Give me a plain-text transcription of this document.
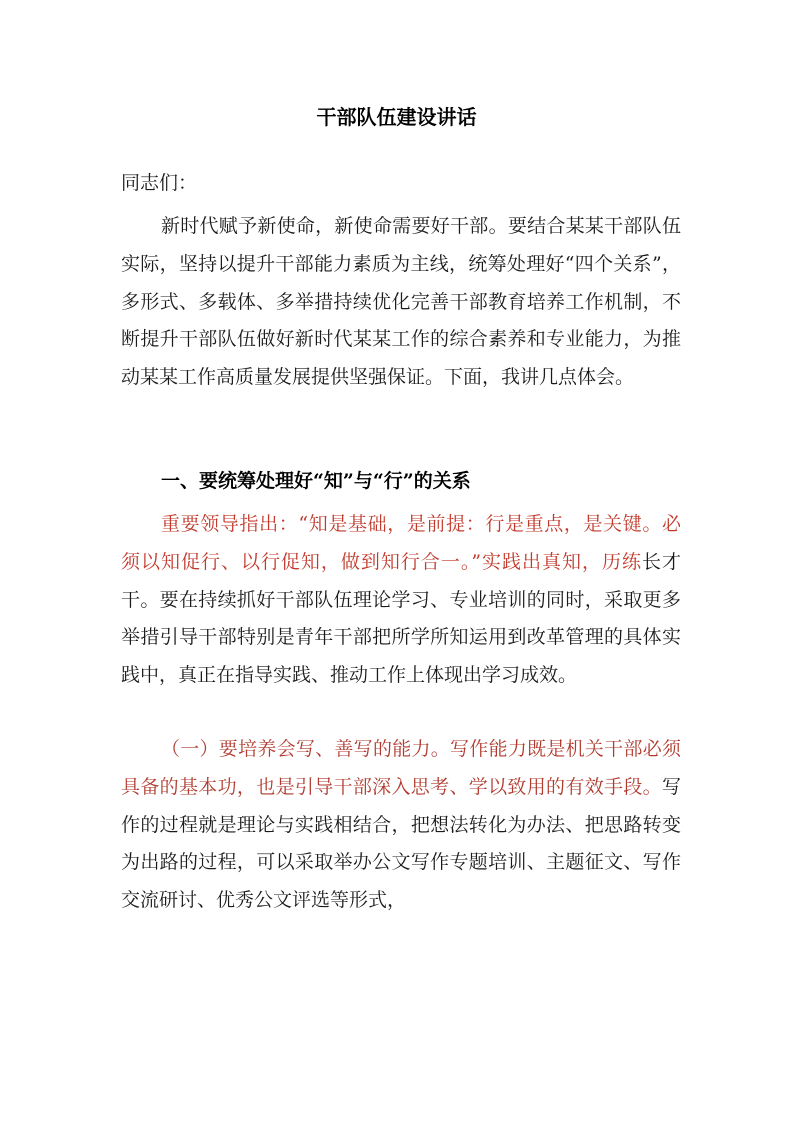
干部队伍建设讲话

同志们：

新时代赋予新使命，新使命需要好干部。要结合某某干部队伍实际，坚持以提升干部能力素质为主线，统筹处理好“四个关系”，多形式、多载体、多举措持续优化完善干部教育培养工作机制，不断提升干部队伍做好新时代某某工作的综合素养和专业能力，为推动某某工作高质量发展提供坚强保证。下面，我讲几点体会。

一、要统筹处理好“知”与“行”的关系

重要领导指出：“知是基础，是前提：行是重点，是关键。必须以知促行、以行促知，做到知行合一。”实践出真知，历练长才干。要在持续抓好干部队伍理论学习、专业培训的同时，采取更多举措引导干部特别是青年干部把所学所知运用到改革管理的具体实践中，真正在指导实践、推动工作上体现出学习成效。

（一）要培养会写、善写的能力。写作能力既是机关干部必须具备的基本功，也是引导干部深入思考、学以致用的有效手段。写作的过程就是理论与实践相结合，把想法转化为办法、把思路转变为出路的过程，可以采取举办公文写作专题培训、主题征文、写作交流研讨、优秀公文评选等形式，
